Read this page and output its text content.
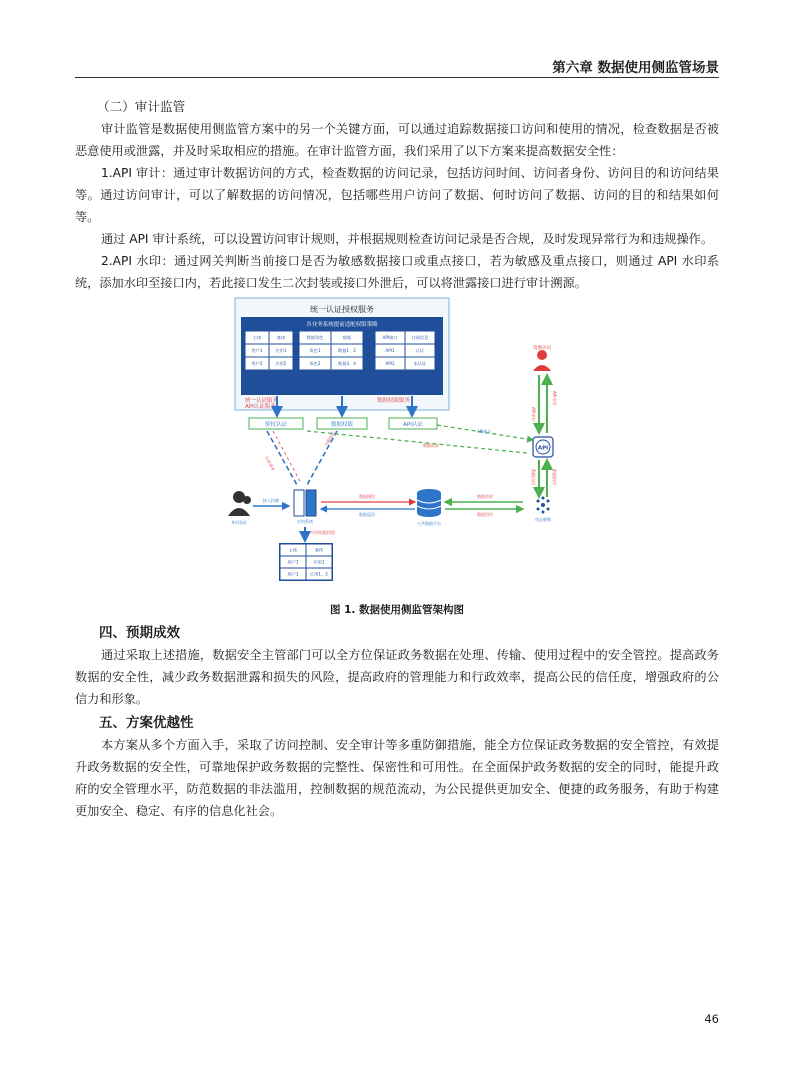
第六章 数据使用侧监管场景

（二）审计监管

审计监管是数据使用侧监管方案中的另一个关键方面，可以通过追踪数据接口访问和使用的情况，检查数据是否被恶意使用或泄露，并及时采取相应的措施。在审计监管方面，我们采用了以下方案来提高数据安全性：

1.API 审计：通过审计数据访问的方式，检查数据的访问记录，包括访问时间、访问者身份、访问目的和访问结果等。通过访问审计，可以了解数据的访问情况，包括哪些用户访问了数据、何时访问了数据、访问的目的和结果如何等。

通过 API 审计系统，可以设置访问审计规则，并根据规则检查访问记录是否合规，及时发现异常行为和违规操作。

2.API 水印：通过网关判断当前接口是否为敏感数据接口或重点接口，若为敏感及重点接口，则通过 API 水印系统，添加水印至接口内，若此接口发生二次封装或接口外泄后，可以将泄露接口进行审计溯源。

统一认证授权服务
各业务系统提前适配权限策略
主体	客体
用户1	应用1
用户2	应用2
数据角色	数据
角色1	数据1、2
角色2	数据3、4
API接口	注册信息
API1	认证
API2	未认证
统一认证服务
API认证服务
数据权限服务
鉴权认证	数据权限	API认证
认证请求
令牌返回	API接口
数据同步
资源访问
API审计
API水印
API
数据访问	数据回传
动态脱敏
身份验证
接入控制
应用系统
数据调用
数据返回
公共数据平台
数据请求
数据回传
应用权限授权
主体	客体
用户1	应用1
用户1	应用1、2

图 1. 数据使用侧监管架构图

四、预期成效

通过采取上述措施，数据安全主管部门可以全方位保证政务数据在处理、传输、使用过程中的安全管控。提高政务数据的安全性，减少政务数据泄露和损失的风险，提高政府的管理能力和行政效率，提高公民的信任度，增强政府的公信力和形象。

五、方案优越性

本方案从多个方面入手，采取了访问控制、安全审计等多重防御措施，能全方位保证政务数据的安全管控，有效提升政务数据的安全性，可靠地保护政务数据的完整性、保密性和可用性。在全面保护政务数据的安全的同时，能提升政府的安全管理水平，防范数据的非法滥用，控制数据的规范流动，为公民提供更加安全、便捷的政务服务，有助于构建更加安全、稳定、有序的信息化社会。

46
